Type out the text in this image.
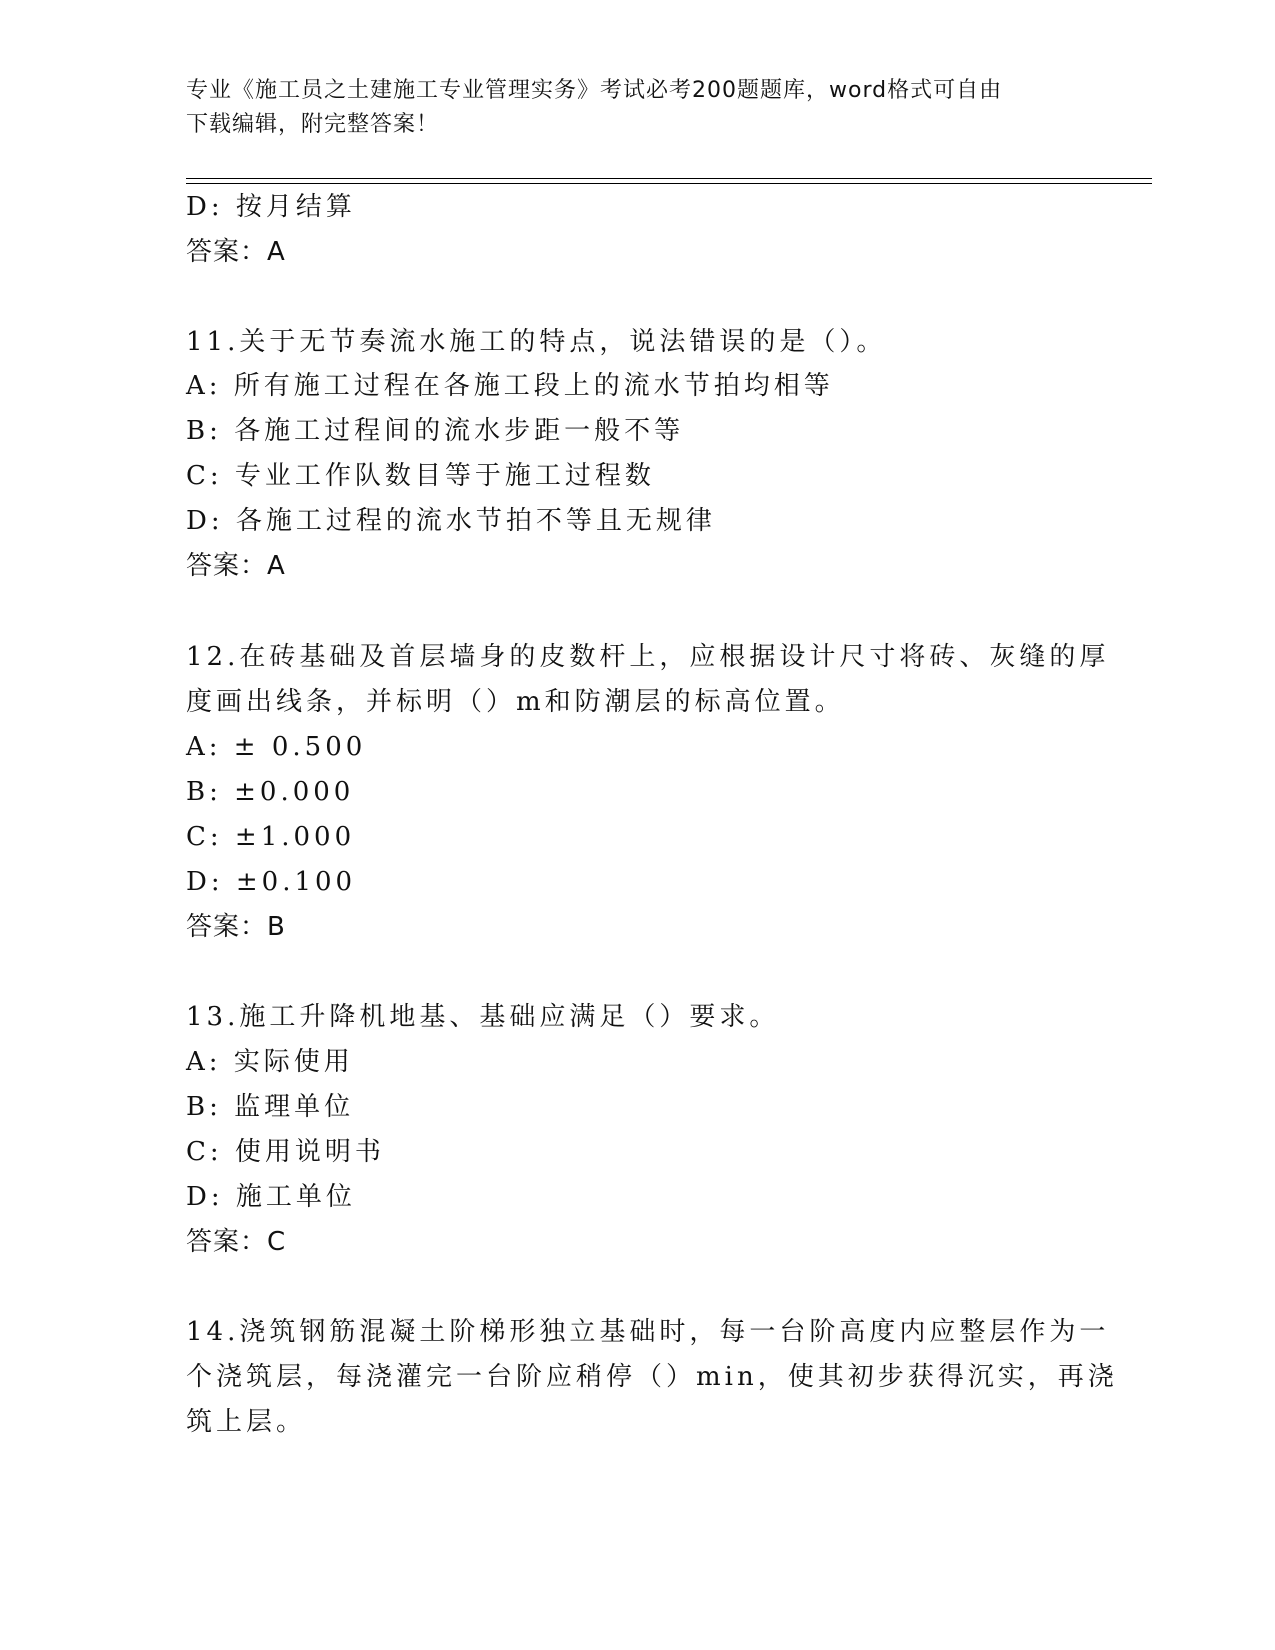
专业《施工员之土建施工专业管理实务》考试必考200题题库，word格式可自由
下载编辑，附完整答案！
D: 按月结算
答案：A
11.关于无节奏流水施工的特点，说法错误的是（）。
A: 所有施工过程在各施工段上的流水节拍均相等
B: 各施工过程间的流水步距一般不等
C: 专业工作队数目等于施工过程数
D: 各施工过程的流水节拍不等且无规律
答案：A
12.在砖基础及首层墙身的皮数杆上，应根据设计尺寸将砖、灰缝的厚
度画出线条，并标明（）m和防潮层的标高位置。
A: ± 0.500
B: ±0.000
C: ±1.000
D: ±0.100
答案：B
13.施工升降机地基、基础应满足（）要求。
A: 实际使用
B: 监理单位
C: 使用说明书
D: 施工单位
答案：C
14.浇筑钢筋混凝土阶梯形独立基础时，每一台阶高度内应整层作为一
个浇筑层，每浇灌完一台阶应稍停（）min，使其初步获得沉实，再浇
筑上层。
